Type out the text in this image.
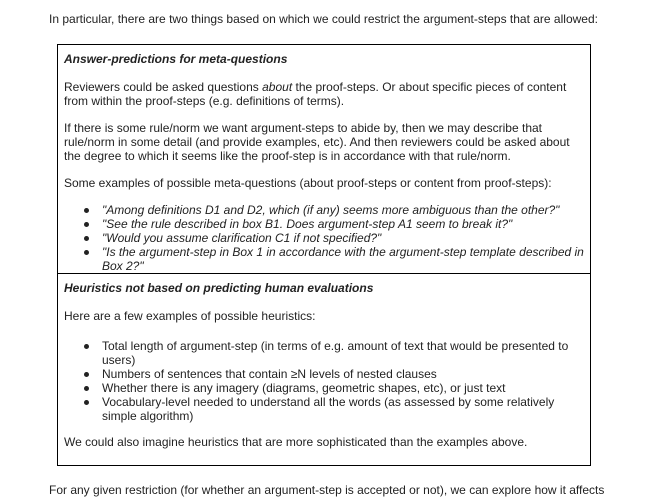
In particular, there are two things based on which we could restrict the argument-steps that are allowed:

Answer-predictions for meta-questions

Reviewers could be asked questions about the proof-steps. Or about specific pieces of content from within the proof-steps (e.g. definitions of terms).

If there is some rule/norm we want argument-steps to abide by, then we may describe that rule/norm in some detail (and provide examples, etc). And then reviewers could be asked about the degree to which it seems like the proof-step is in accordance with that rule/norm.

Some examples of possible meta-questions (about proof-steps or content from proof-steps):

"Among definitions D1 and D2, which (if any) seems more ambiguous than the other?"
"See the rule described in box B1. Does argument-step A1 seem to break it?"
"Would you assume clarification C1 if not specified?"
"Is the argument-step in Box 1 in accordance with the argument-step template described in Box 2?"

Heuristics not based on predicting human evaluations

Here are a few examples of possible heuristics:

Total length of argument-step (in terms of e.g. amount of text that would be presented to users)
Numbers of sentences that contain ≥N levels of nested clauses
Whether there is any imagery (diagrams, geometric shapes, etc), or just text
Vocabulary-level needed to understand all the words (as assessed by some relatively simple algorithm)

We could also imagine heuristics that are more sophisticated than the examples above.

For any given restriction (for whether an argument-step is accepted or not), we can explore how it affects
